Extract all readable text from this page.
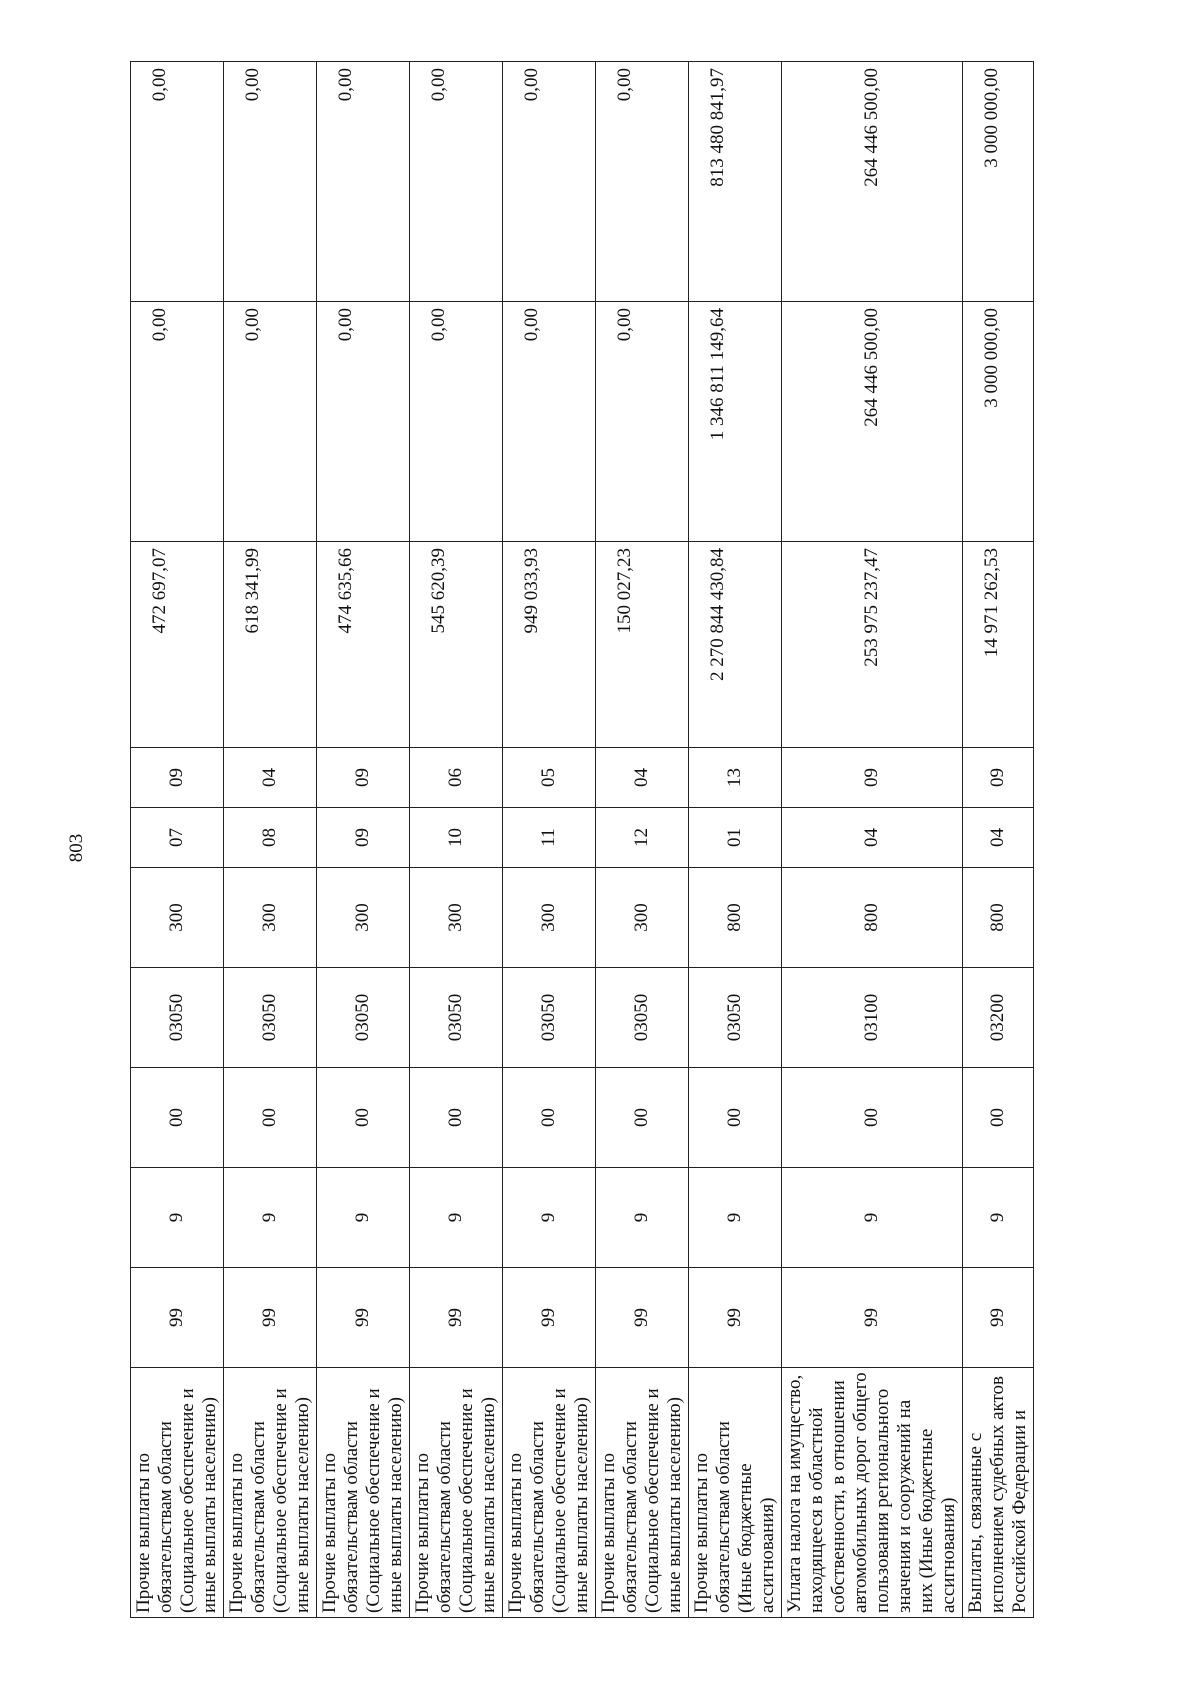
803
Прочие выплаты по обязательствам области (Социальное обеспечение и иные выплаты населению)	99	9	00	03050	300	07	09	472 697,07	0,00	0,00
Прочие выплаты по обязательствам области (Социальное обеспечение и иные выплаты населению)	99	9	00	03050	300	08	04	618 341,99	0,00	0,00
Прочие выплаты по обязательствам области (Социальное обеспечение и иные выплаты населению)	99	9	00	03050	300	09	09	474 635,66	0,00	0,00
Прочие выплаты по обязательствам области (Социальное обеспечение и иные выплаты населению)	99	9	00	03050	300	10	06	545 620,39	0,00	0,00
Прочие выплаты по обязательствам области (Социальное обеспечение и иные выплаты населению)	99	9	00	03050	300	11	05	949 033,93	0,00	0,00
Прочие выплаты по обязательствам области (Социальное обеспечение и иные выплаты населению)	99	9	00	03050	300	12	04	150 027,23	0,00	0,00
Прочие выплаты по обязательствам области (Иные бюджетные ассигнования)	99	9	00	03050	800	01	13	2 270 844 430,84	1 346 811 149,64	813 480 841,97
Уплата налога на имущество, находящееся в областной собственности, в отношении автомобильных дорог общего пользования регионального значения и сооружений на них (Иные бюджетные ассигнования)	99	9	00	03100	800	04	09	253 975 237,47	264 446 500,00	264 446 500,00
Выплаты, связанные с исполнением судебных актов Российской Федерации и	99	9	00	03200	800	04	09	14 971 262,53	3 000 000,00	3 000 000,00
